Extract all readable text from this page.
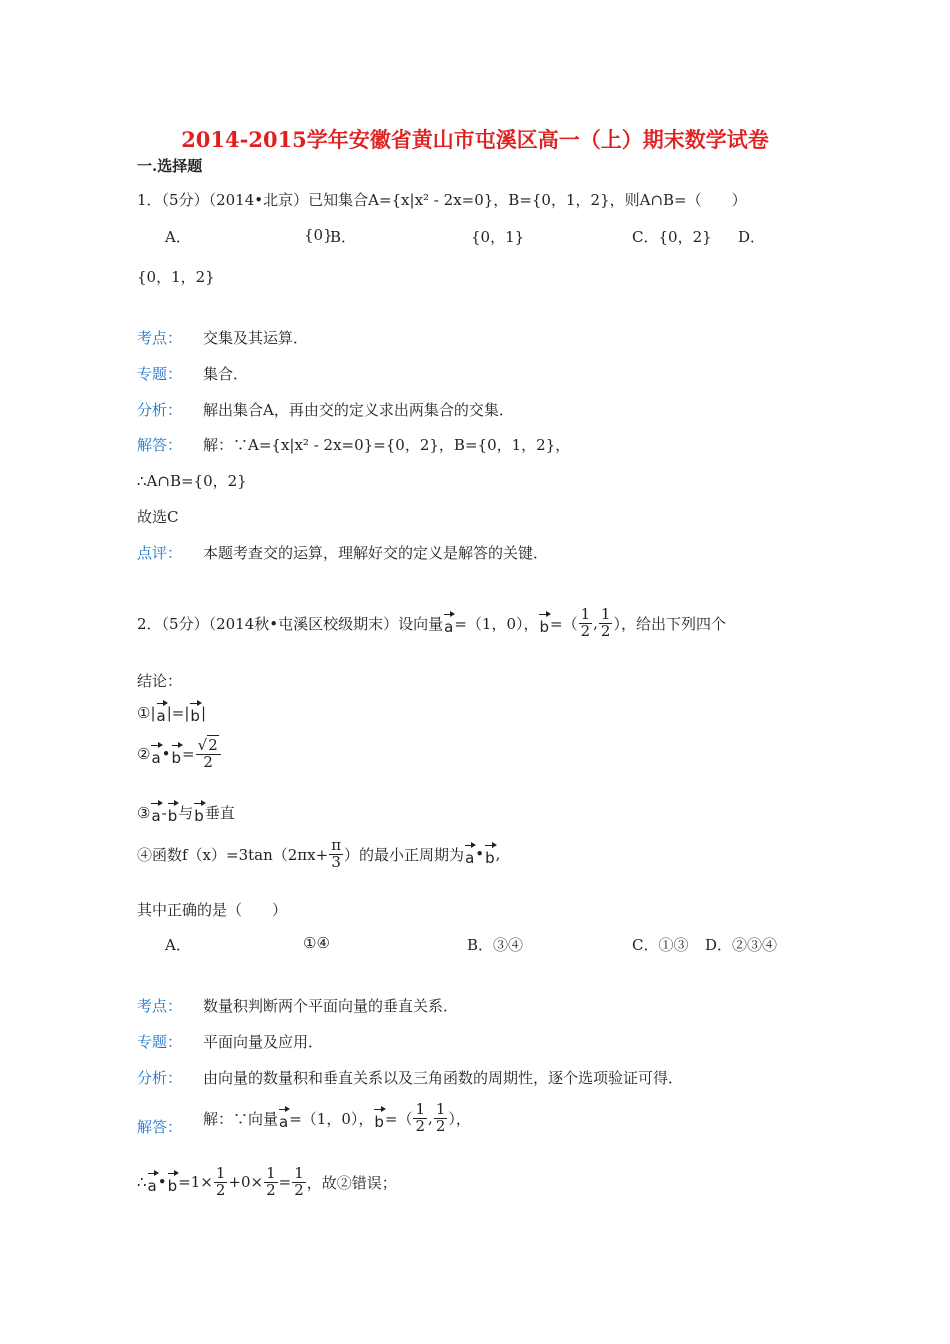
2014-2015学年安徽省黄山市屯溪区高一（上）期末数学试卷
一.选择题
1．（5分）（2014•北京）已知集合A={x|x² - 2x=0}，B={0，1，2}，则A∩B=（　　）
A．	{0}
B．	{0，1}	C．{0，2} D．
{0，1，2}
考点： 交集及其运算．
专题： 集合．
分析： 解出集合A，再由交的定义求出两集合的交集．
解答： 解：∵A={x|x² - 2x=0}={0，2}，B={0，1，2}，
∴A∩B={0，2}
故选C
点评： 本题考查交的运算，理解好交的定义是解答的关键．
2．（5分）（2014秋•屯溪区校级期末）设向量 a =（1，0）， b =（ $\frac{1}{2}$ , $\frac{1}{2}$ ），给出下列四个
结论：
①| a |=| b |
② a • $b = \frac{√2}{2}$
③ a - b 与 b 垂直
④函数$f(x)=3\tan(2\pi x+ \frac{\pi}{3}$ ）的最小正周期为 a • b ,
其中正确的是（　　）
A．	①④	B．③④	C．①③ D．②③④
考点： 数量积判断两个平面向量的垂直关系．
专题： 平面向量及应用．
分析： 由向量的数量积和垂直关系以及三角函数的周期性，逐个选项验证可得．
解答： 解：∵向量 a =（1，0）， b =（ $\frac{1}{2}$ , $\frac{1}{2}$ ），
∴ a • $b =1\times \frac{1}{2} +0\times \frac{1}{2} = \frac{1}{2}$ ，故②错误；
